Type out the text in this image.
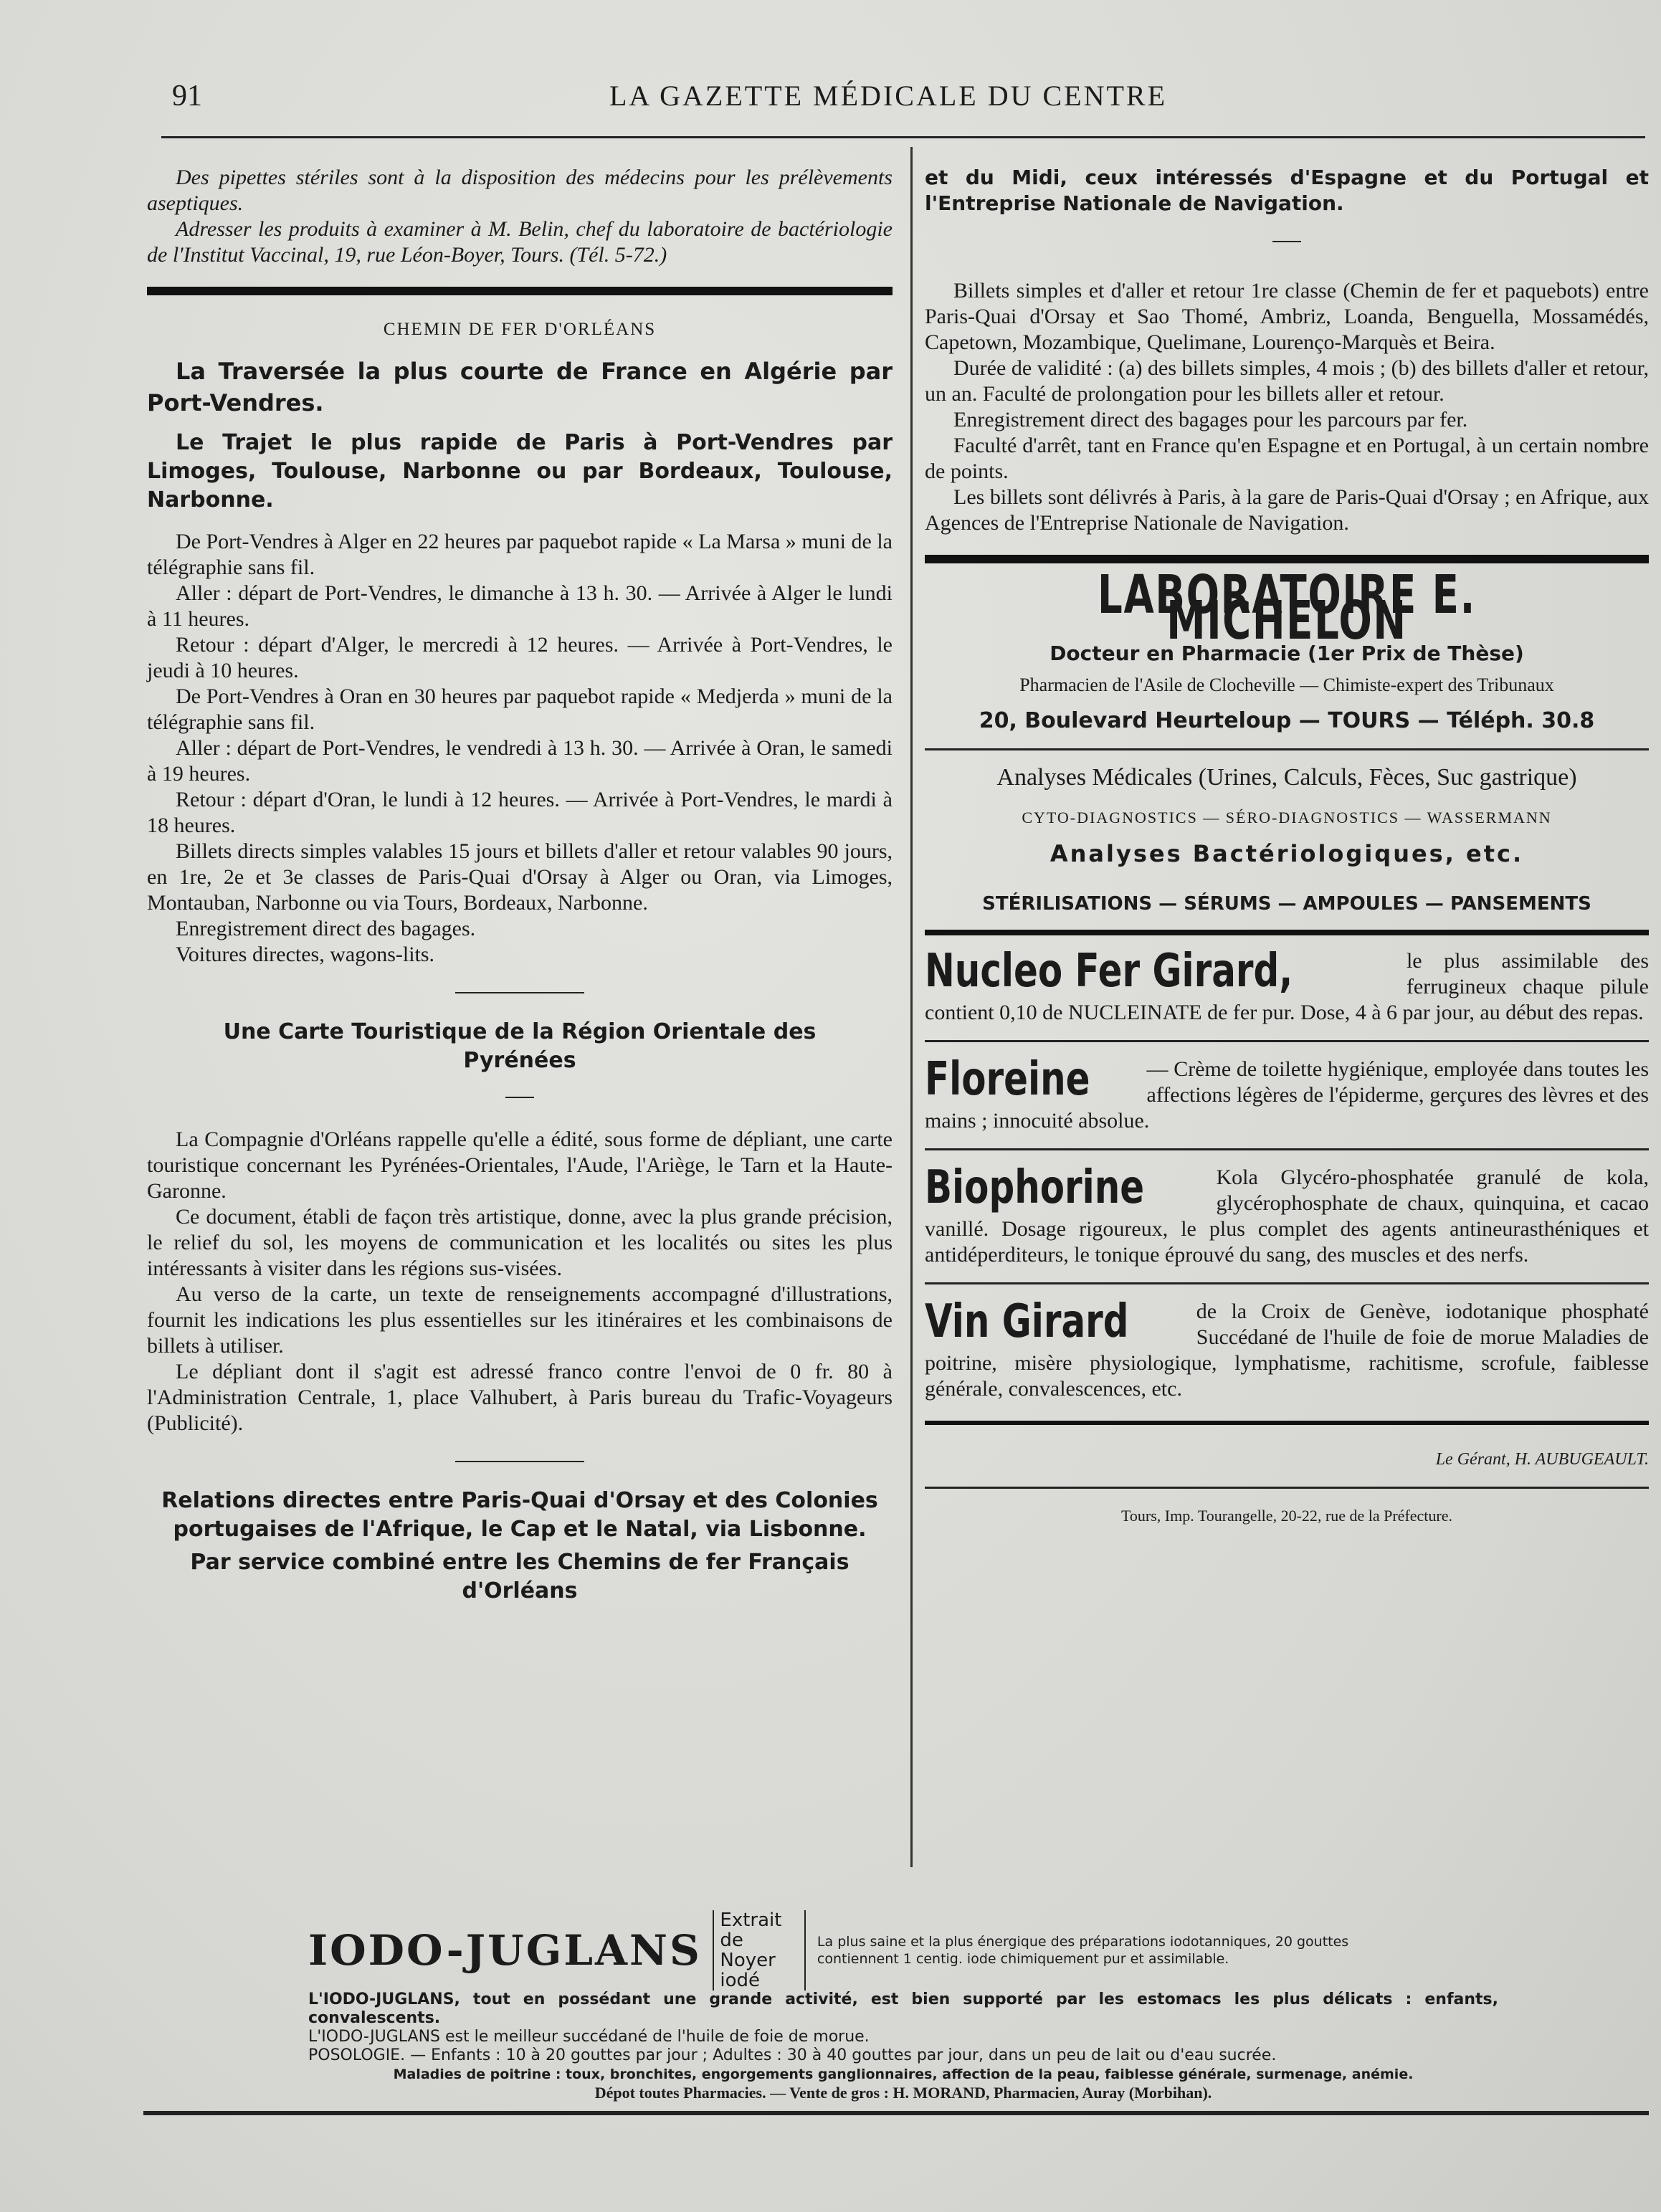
91	LA GAZETTE MÉDICALE DU CENTRE

Des pipettes stériles sont à la disposition des médecins pour les prélèvements aseptiques.

Adresser les produits à examiner à M. Belin, chef du laboratoire de bactériologie de l'Institut Vaccinal, 19, rue Léon-Boyer, Tours. (Tél. 5-72.)

CHEMIN DE FER D'ORLÉANS

La Traversée la plus courte de France en Algérie par Port-Vendres.

Le Trajet le plus rapide de Paris à Port-Vendres par Limoges, Toulouse, Narbonne ou par Bordeaux, Toulouse, Narbonne.

De Port-Vendres à Alger en 22 heures par paquebot rapide « La Marsa » muni de la télégraphie sans fil.

Aller : départ de Port-Vendres, le dimanche à 13 h. 30. — Arrivée à Alger le lundi à 11 heures.

Retour : départ d'Alger, le mercredi à 12 heures. — Arrivée à Port-Vendres, le jeudi à 10 heures.

De Port-Vendres à Oran en 30 heures par paquebot rapide « Medjerda » muni de la télégraphie sans fil.

Aller : départ de Port-Vendres, le vendredi à 13 h. 30. — Arrivée à Oran, le samedi à 19 heures.

Retour : départ d'Oran, le lundi à 12 heures. — Arrivée à Port-Vendres, le mardi à 18 heures.

Billets directs simples valables 15 jours et billets d'aller et retour valables 90 jours, en 1re, 2e et 3e classes de Paris-Quai d'Orsay à Alger ou Oran, via Limoges, Montauban, Narbonne ou via Tours, Bordeaux, Narbonne.

Enregistrement direct des bagages.

Voitures directes, wagons-lits.

Une Carte Touristique de la Région Orientale des Pyrénées

La Compagnie d'Orléans rappelle qu'elle a édité, sous forme de dépliant, une carte touristique concernant les Pyrénées-Orientales, l'Aude, l'Ariège, le Tarn et la Haute-Garonne.

Ce document, établi de façon très artistique, donne, avec la plus grande précision, le relief du sol, les moyens de communication et les localités ou sites les plus intéressants à visiter dans les régions sus-visées.

Au verso de la carte, un texte de renseignements accompagné d'illustrations, fournit les indications les plus essentielles sur les itinéraires et les combinaisons de billets à utiliser.

Le dépliant dont il s'agit est adressé franco contre l'envoi de 0 fr. 80 à l'Administration Centrale, 1, place Valhubert, à Paris bureau du Trafic-Voyageurs (Publicité).

Relations directes entre Paris-Quai d'Orsay et des Colonies portugaises de l'Afrique, le Cap et le Natal, via Lisbonne.

Par service combiné entre les Chemins de fer Français d'Orléans

et du Midi, ceux intéressés d'Espagne et du Portugal et l'Entreprise Nationale de Navigation.

Billets simples et d'aller et retour 1re classe (Chemin de fer et paquebots) entre Paris-Quai d'Orsay et Sao Thomé, Ambriz, Loanda, Benguella, Mossamédés, Capetown, Mozambique, Quelimane, Lourenço-Marquès et Beira.

Durée de validité : (a) des billets simples, 4 mois ; (b) des billets d'aller et retour, un an. Faculté de prolongation pour les billets aller et retour.

Enregistrement direct des bagages pour les parcours par fer.

Faculté d'arrêt, tant en France qu'en Espagne et en Portugal, à un certain nombre de points.

Les billets sont délivrés à Paris, à la gare de Paris-Quai d'Orsay ; en Afrique, aux Agences de l'Entreprise Nationale de Navigation.

LABORATOIRE E. MICHELON

Docteur en Pharmacie (1er Prix de Thèse)

Pharmacien de l'Asile de Clocheville — Chimiste-expert des Tribunaux

20, Boulevard Heurteloup — TOURS — Téléph. 30.8

Analyses Médicales (Urines, Calculs, Fèces, Suc gastrique)

CYTO-DIAGNOSTICS — SÉRO-DIAGNOSTICS — WASSERMANN

Analyses Bactériologiques, etc.

STÉRILISATIONS — SÉRUMS — AMPOULES — PANSEMENTS

Nucleo Fer Girard,	le plus assimilable des ferrugineux chaque pilule contient 0,10 de NUCLEINATE de fer pur. Dose, 4 à 6 par jour, au début des repas.

Floreine	— Crème de toilette hygiénique, employée dans toutes les affections légères de l'épiderme, gerçures des lèvres et des mains ; innocuité absolue.

Biophorine	Kola Glycéro-phosphatée granulé de kola, glycérophosphate de chaux, quinquina, et cacao vanillé. Dosage rigoureux, le plus complet des agents antineurasthéniques et antidéperditeurs, le tonique éprouvé du sang, des muscles et des nerfs.

Vin Girard	de la Croix de Genève, iodotanique phosphaté Succédané de l'huile de foie de morue Maladies de poitrine, misère physiologique, lymphatisme, rachitisme, scrofule, faiblesse générale, convalescences, etc.

Le Gérant, H. AUBUGEAULT.

Tours, Imp. Tourangelle, 20-22, rue de la Préfecture.

IODO-JUGLANS Extrait de Noyer iodé La plus saine et la plus énergique des préparations iodotanniques, 20 gouttes contiennent 1 centig. iode chimiquement pur et assimilable.

L'IODO-JUGLANS, tout en possédant une grande activité, est bien supporté par les estomacs les plus délicats : enfants, convalescents.

L'IODO-JUGLANS est le meilleur succédané de l'huile de foie de morue.

POSOLOGIE. — Enfants : 10 à 20 gouttes par jour ; Adultes : 30 à 40 gouttes par jour, dans un peu de lait ou d'eau sucrée.

Maladies de poitrine : toux, bronchites, engorgements ganglionnaires, affection de la peau, faiblesse générale, surmenage, anémie.

Dépot toutes Pharmacies. — Vente de gros : H. MORAND, Pharmacien, Auray (Morbihan).
